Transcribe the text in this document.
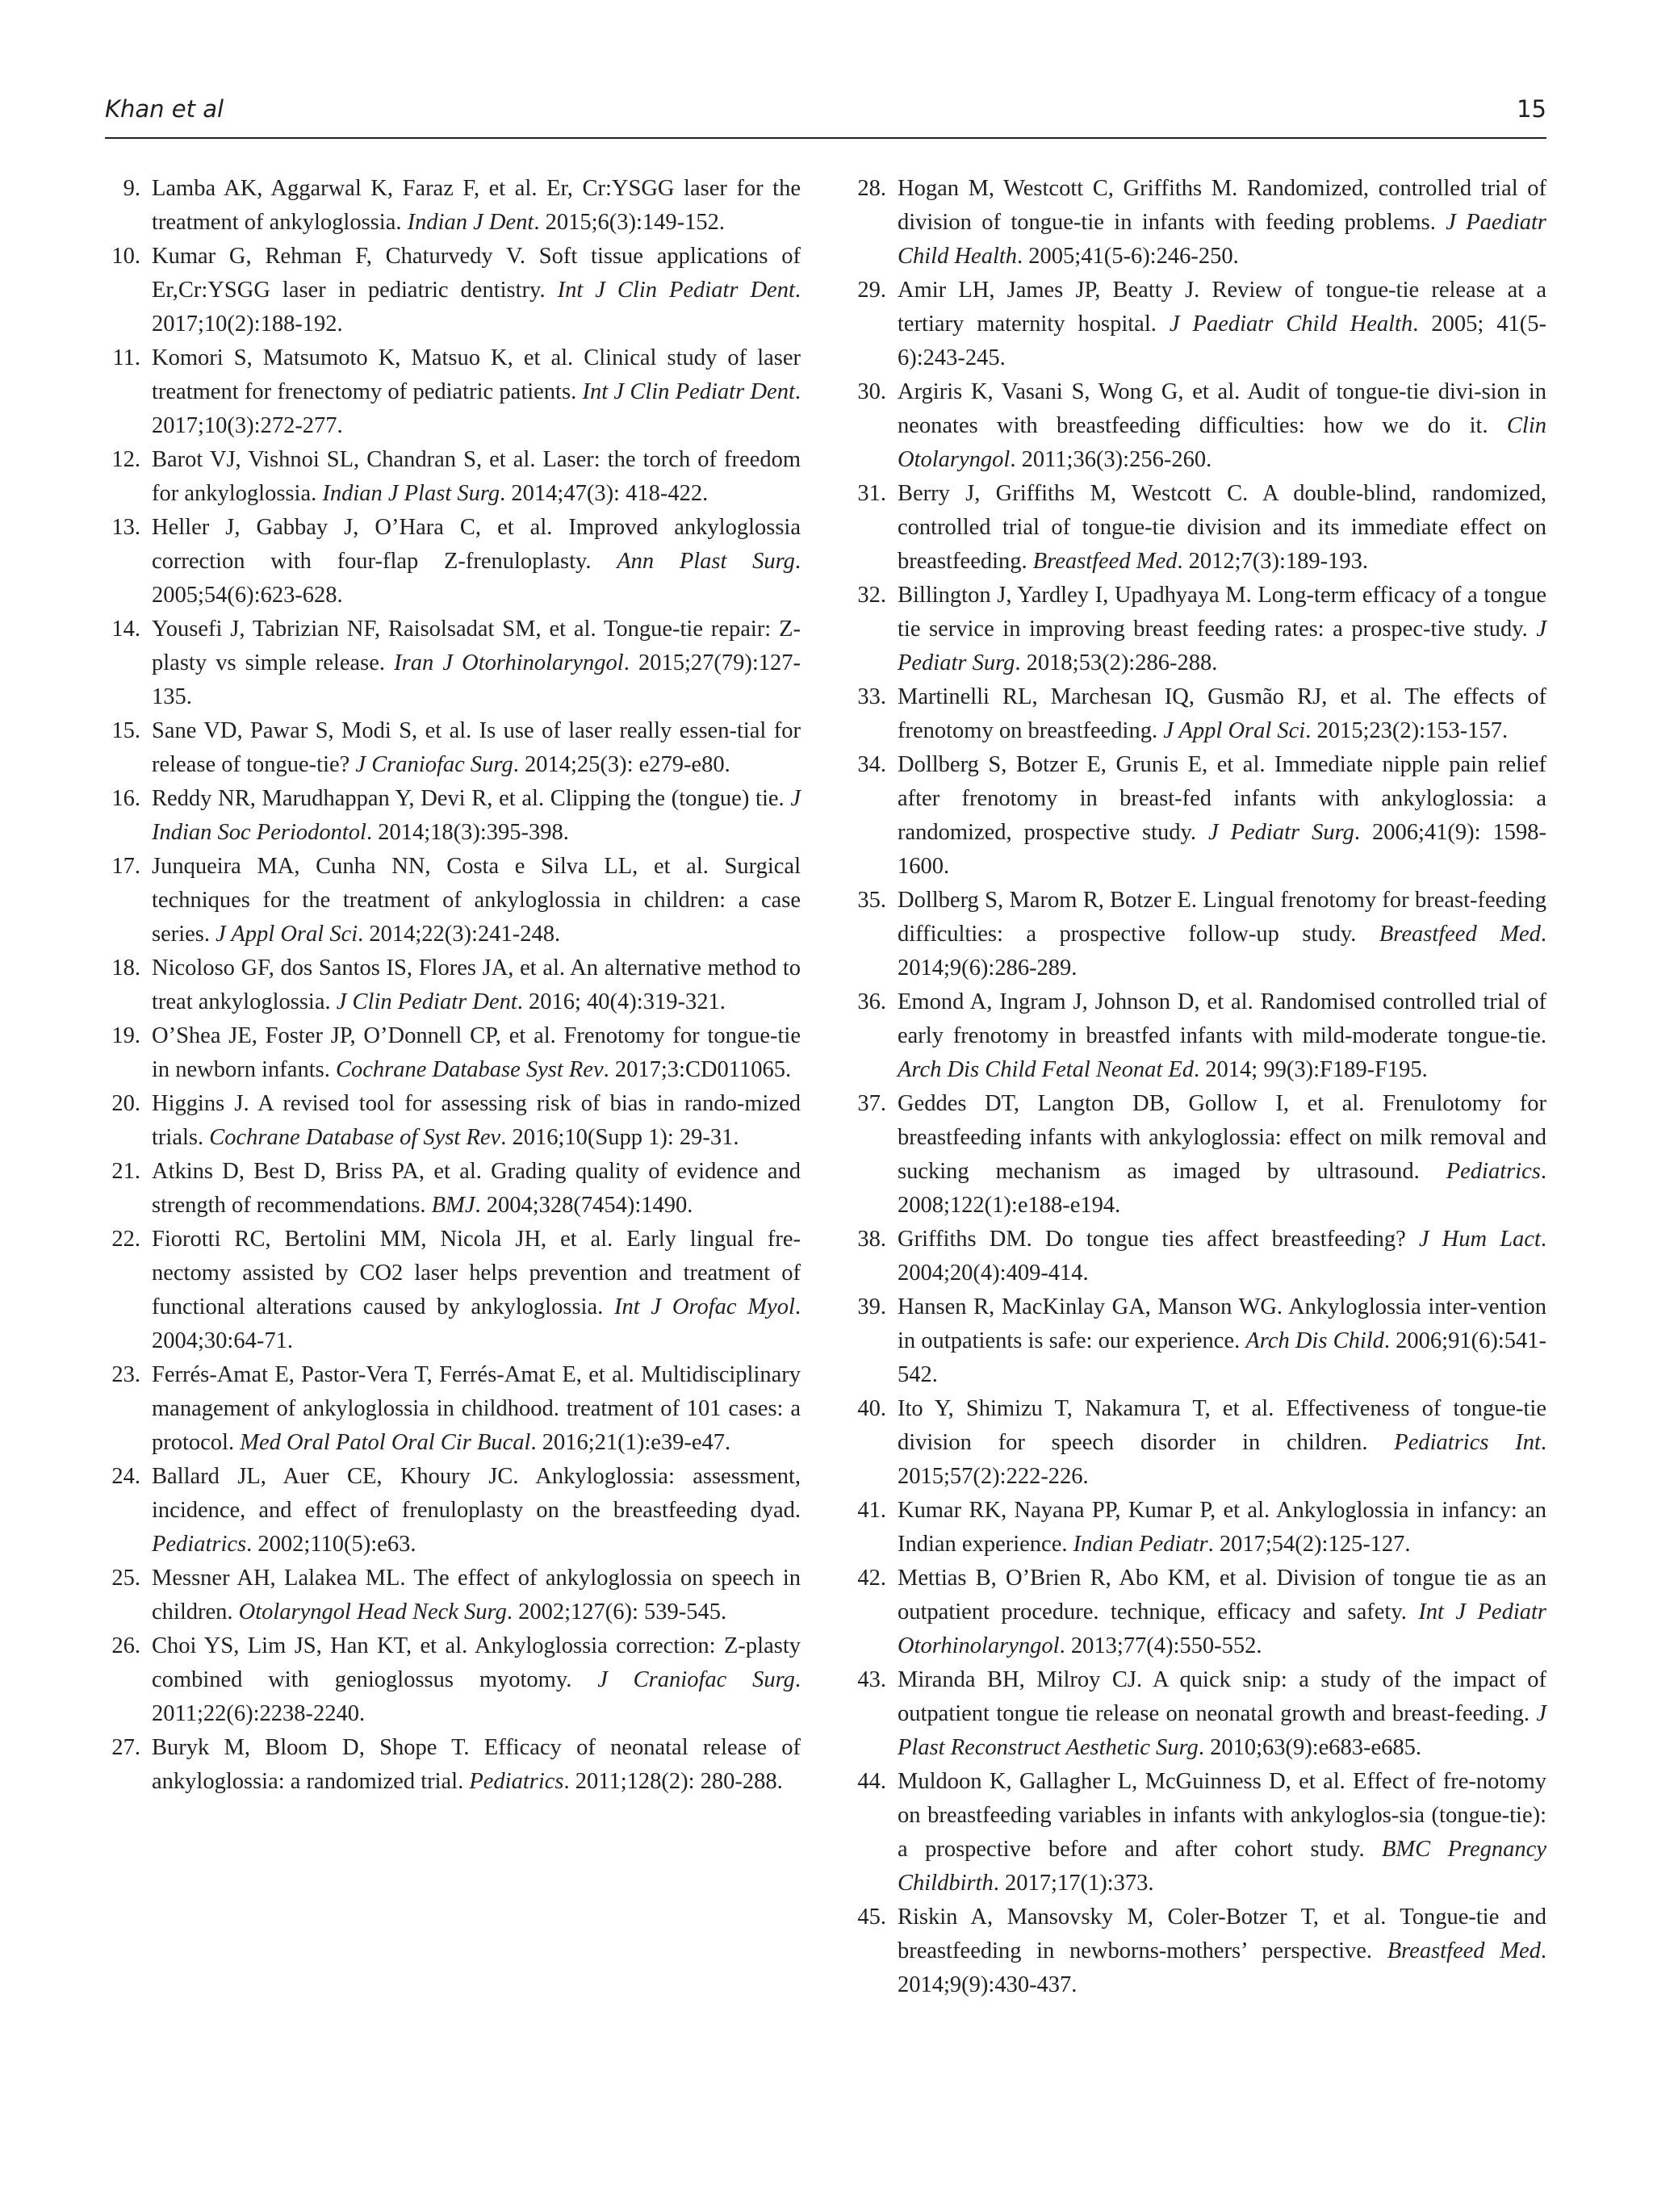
Khan et al	15
9. Lamba AK, Aggarwal K, Faraz F, et al. Er, Cr:YSGG laser for the treatment of ankyloglossia. Indian J Dent. 2015;6(3):149-152.
10. Kumar G, Rehman F, Chaturvedy V. Soft tissue applications of Er,Cr:YSGG laser in pediatric dentistry. Int J Clin Pediatr Dent. 2017;10(2):188-192.
11. Komori S, Matsumoto K, Matsuo K, et al. Clinical study of laser treatment for frenectomy of pediatric patients. Int J Clin Pediatr Dent. 2017;10(3):272-277.
12. Barot VJ, Vishnoi SL, Chandran S, et al. Laser: the torch of freedom for ankyloglossia. Indian J Plast Surg. 2014;47(3): 418-422.
13. Heller J, Gabbay J, O’Hara C, et al. Improved ankyloglossia correction with four-flap Z-frenuloplasty. Ann Plast Surg. 2005;54(6):623-628.
14. Yousefi J, Tabrizian NF, Raisolsadat SM, et al. Tongue-tie repair: Z-plasty vs simple release. Iran J Otorhinolaryngol. 2015;27(79):127-135.
15. Sane VD, Pawar S, Modi S, et al. Is use of laser really essen-tial for release of tongue-tie? J Craniofac Surg. 2014;25(3): e279-e80.
16. Reddy NR, Marudhappan Y, Devi R, et al. Clipping the (tongue) tie. J Indian Soc Periodontol. 2014;18(3):395-398.
17. Junqueira MA, Cunha NN, Costa e Silva LL, et al. Surgical techniques for the treatment of ankyloglossia in children: a case series. J Appl Oral Sci. 2014;22(3):241-248.
18. Nicoloso GF, dos Santos IS, Flores JA, et al. An alternative method to treat ankyloglossia. J Clin Pediatr Dent. 2016; 40(4):319-321.
19. O’Shea JE, Foster JP, O’Donnell CP, et al. Frenotomy for tongue-tie in newborn infants. Cochrane Database Syst Rev. 2017;3:CD011065.
20. Higgins J. A revised tool for assessing risk of bias in rando-mized trials. Cochrane Database of Syst Rev. 2016;10(Supp 1): 29-31.
21. Atkins D, Best D, Briss PA, et al. Grading quality of evidence and strength of recommendations. BMJ. 2004;328(7454):1490.
22. Fiorotti RC, Bertolini MM, Nicola JH, et al. Early lingual fre-nectomy assisted by CO2 laser helps prevention and treatment of functional alterations caused by ankyloglossia. Int J Orofac Myol. 2004;30:64-71.
23. Ferrés-Amat E, Pastor-Vera T, Ferrés-Amat E, et al. Multidisciplinary management of ankyloglossia in childhood. treatment of 101 cases: a protocol. Med Oral Patol Oral Cir Bucal. 2016;21(1):e39-e47.
24. Ballard JL, Auer CE, Khoury JC. Ankyloglossia: assessment, incidence, and effect of frenuloplasty on the breastfeeding dyad. Pediatrics. 2002;110(5):e63.
25. Messner AH, Lalakea ML. The effect of ankyloglossia on speech in children. Otolaryngol Head Neck Surg. 2002;127(6): 539-545.
26. Choi YS, Lim JS, Han KT, et al. Ankyloglossia correction: Z-plasty combined with genioglossus myotomy. J Craniofac Surg. 2011;22(6):2238-2240.
27. Buryk M, Bloom D, Shope T. Efficacy of neonatal release of ankyloglossia: a randomized trial. Pediatrics. 2011;128(2): 280-288.
28. Hogan M, Westcott C, Griffiths M. Randomized, controlled trial of division of tongue-tie in infants with feeding problems. J Paediatr Child Health. 2005;41(5-6):246-250.
29. Amir LH, James JP, Beatty J. Review of tongue-tie release at a tertiary maternity hospital. J Paediatr Child Health. 2005; 41(5-6):243-245.
30. Argiris K, Vasani S, Wong G, et al. Audit of tongue-tie divi-sion in neonates with breastfeeding difficulties: how we do it. Clin Otolaryngol. 2011;36(3):256-260.
31. Berry J, Griffiths M, Westcott C. A double-blind, randomized, controlled trial of tongue-tie division and its immediate effect on breastfeeding. Breastfeed Med. 2012;7(3):189-193.
32. Billington J, Yardley I, Upadhyaya M. Long-term efficacy of a tongue tie service in improving breast feeding rates: a prospec-tive study. J Pediatr Surg. 2018;53(2):286-288.
33. Martinelli RL, Marchesan IQ, Gusmão RJ, et al. The effects of frenotomy on breastfeeding. J Appl Oral Sci. 2015;23(2):153-157.
34. Dollberg S, Botzer E, Grunis E, et al. Immediate nipple pain relief after frenotomy in breast-fed infants with ankyloglossia: a randomized, prospective study. J Pediatr Surg. 2006;41(9): 1598-1600.
35. Dollberg S, Marom R, Botzer E. Lingual frenotomy for breast-feeding difficulties: a prospective follow-up study. Breastfeed Med. 2014;9(6):286-289.
36. Emond A, Ingram J, Johnson D, et al. Randomised controlled trial of early frenotomy in breastfed infants with mild-moderate tongue-tie. Arch Dis Child Fetal Neonat Ed. 2014; 99(3):F189-F195.
37. Geddes DT, Langton DB, Gollow I, et al. Frenulotomy for breastfeeding infants with ankyloglossia: effect on milk removal and sucking mechanism as imaged by ultrasound. Pediatrics. 2008;122(1):e188-e194.
38. Griffiths DM. Do tongue ties affect breastfeeding? J Hum Lact. 2004;20(4):409-414.
39. Hansen R, MacKinlay GA, Manson WG. Ankyloglossia inter-vention in outpatients is safe: our experience. Arch Dis Child. 2006;91(6):541-542.
40. Ito Y, Shimizu T, Nakamura T, et al. Effectiveness of tongue-tie division for speech disorder in children. Pediatrics Int. 2015;57(2):222-226.
41. Kumar RK, Nayana PP, Kumar P, et al. Ankyloglossia in infancy: an Indian experience. Indian Pediatr. 2017;54(2):125-127.
42. Mettias B, O’Brien R, Abo KM, et al. Division of tongue tie as an outpatient procedure. technique, efficacy and safety. Int J Pediatr Otorhinolaryngol. 2013;77(4):550-552.
43. Miranda BH, Milroy CJ. A quick snip: a study of the impact of outpatient tongue tie release on neonatal growth and breast-feeding. J Plast Reconstruct Aesthetic Surg. 2010;63(9):e683-e685.
44. Muldoon K, Gallagher L, McGuinness D, et al. Effect of fre-notomy on breastfeeding variables in infants with ankyloglos-sia (tongue-tie): a prospective before and after cohort study. BMC Pregnancy Childbirth. 2017;17(1):373.
45. Riskin A, Mansovsky M, Coler-Botzer T, et al. Tongue-tie and breastfeeding in newborns-mothers’ perspective. Breastfeed Med. 2014;9(9):430-437.
